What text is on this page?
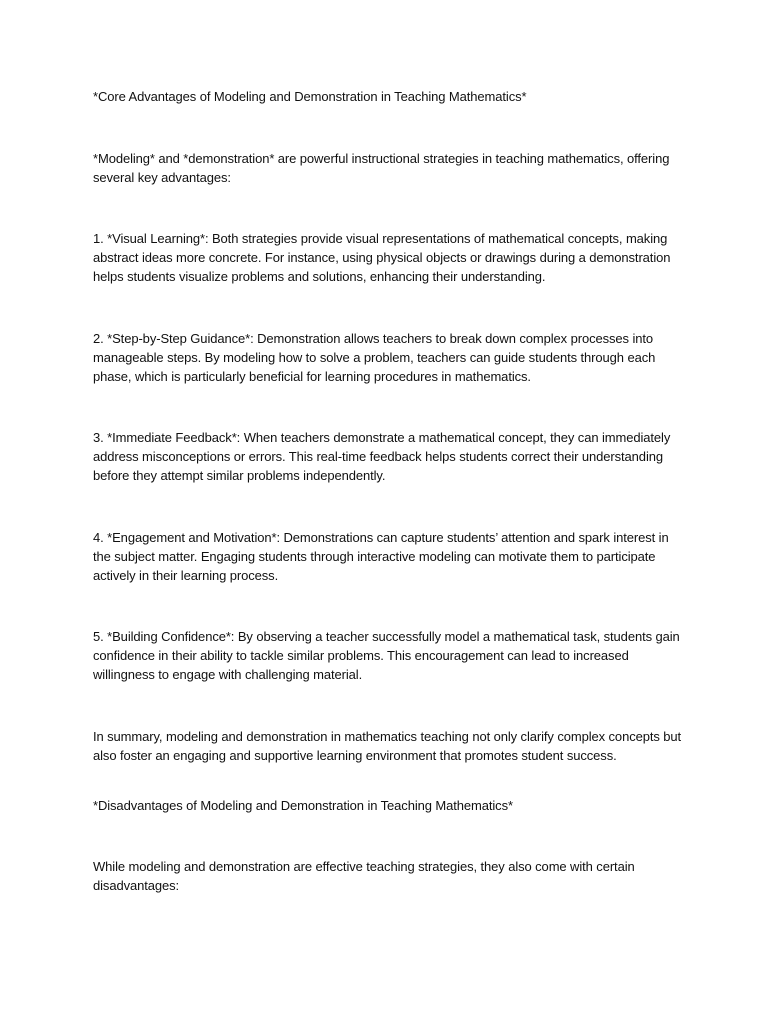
*Core Advantages of Modeling and Demonstration in Teaching Mathematics*

*Modeling* and *demonstration* are powerful instructional strategies in teaching mathematics, offering several key advantages:

1. *Visual Learning*: Both strategies provide visual representations of mathematical concepts, making abstract ideas more concrete. For instance, using physical objects or drawings during a demonstration helps students visualize problems and solutions, enhancing their understanding.

2. *Step-by-Step Guidance*: Demonstration allows teachers to break down complex processes into manageable steps. By modeling how to solve a problem, teachers can guide students through each phase, which is particularly beneficial for learning procedures in mathematics.

3. *Immediate Feedback*: When teachers demonstrate a mathematical concept, they can immediately address misconceptions or errors. This real-time feedback helps students correct their understanding before they attempt similar problems independently.

4. *Engagement and Motivation*: Demonstrations can capture students’ attention and spark interest in the subject matter. Engaging students through interactive modeling can motivate them to participate actively in their learning process.

5. *Building Confidence*: By observing a teacher successfully model a mathematical task, students gain confidence in their ability to tackle similar problems. This encouragement can lead to increased willingness to engage with challenging material.

In summary, modeling and demonstration in mathematics teaching not only clarify complex concepts but also foster an engaging and supportive learning environment that promotes student success.

*Disadvantages of Modeling and Demonstration in Teaching Mathematics*

While modeling and demonstration are effective teaching strategies, they also come with certain disadvantages:
